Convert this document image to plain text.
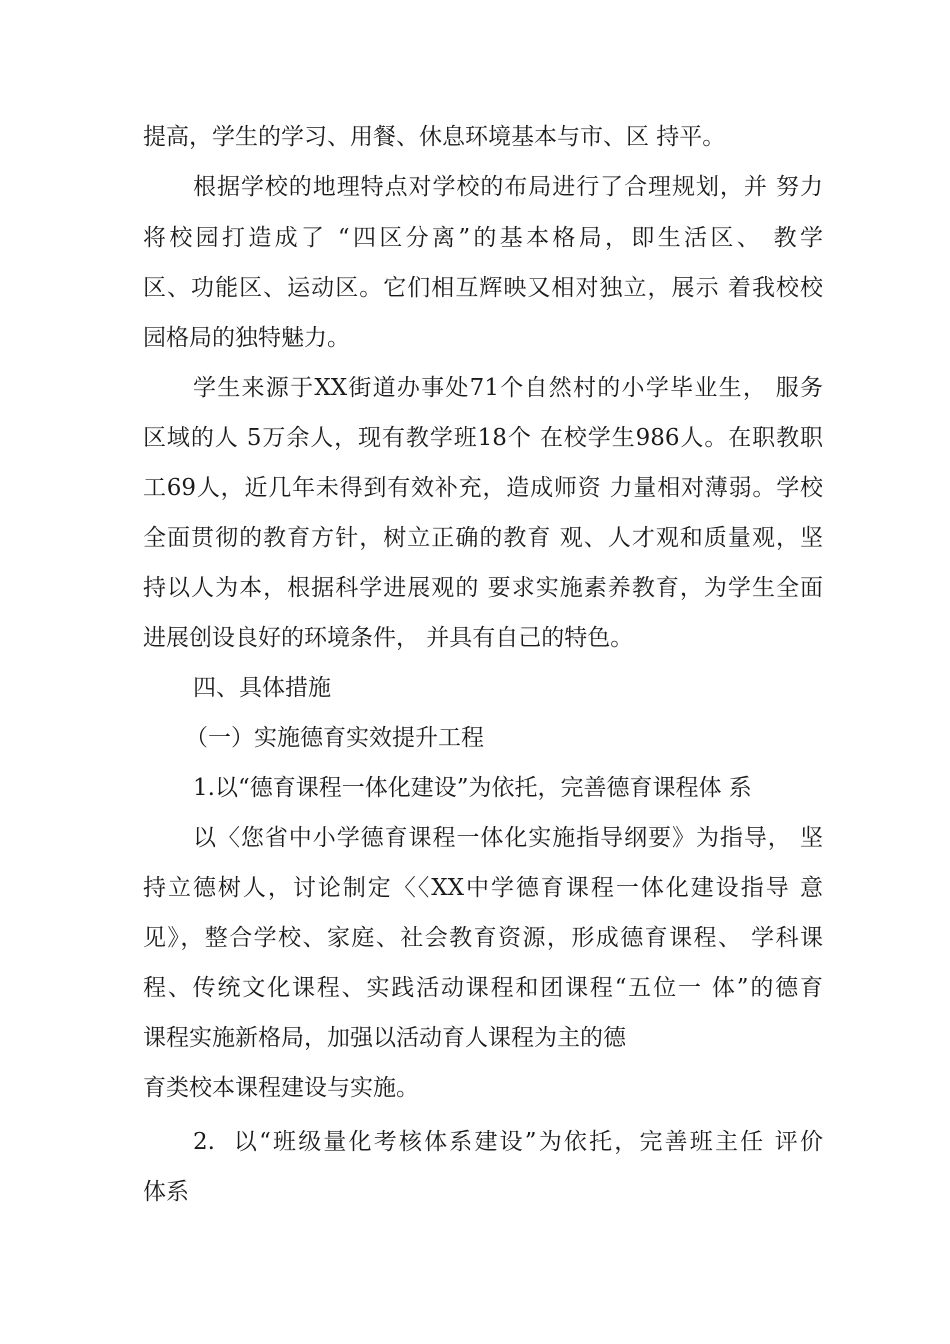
提高，学生的学习、用餐、休息环境基本与市、区 持平。
根据学校的地理特点对学校的布局进行了合理规划，并 努力
将校园打造成了 “四区分离”的基本格局，即生活区、 教学
区、功能区、运动区。它们相互辉映又相对独立，展示 着我校校
园格局的独特魅力。
学生来源于XX街道办事处71个自然村的小学毕业生， 服务
区域的人 5万余人，现有教学班18个 在校学生986人。在职教职
工69人，近几年未得到有效补充，造成师资 力量相对薄弱。学校
全面贯彻的教育方针，树立正确的教育 观、人才观和质量观，坚
持以人为本，根据科学进展观的 要求实施素养教育，为学生全面
进展创设良好的环境条件， 并具有自己的特色。
四、具体措施
（一）实施德育实效提升工程
1.以“德育课程一体化建设”为依托，完善德育课程体 系
以〈您省中小学德育课程一体化实施指导纲要》为指导， 坚
持立德树人，讨论制定〈〈XX中学德育课程一体化建设指导 意
见》，整合学校、家庭、社会教育资源，形成德育课程、 学科课
程、传统文化课程、实践活动课程和团课程“五位一 体”的德育
课程实施新格局，加强以活动育人课程为主的德
育类校本课程建设与实施。
2.  以“班级量化考核体系建设”为依托，完善班主任 评价
体系
